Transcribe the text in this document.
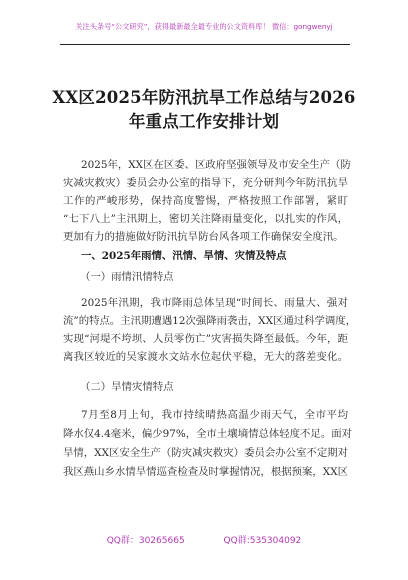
关注头条号“公文研究”，获得最新最全最专业的公文资料库！ 微信：gongwenyj
XX区2025年防汛抗旱工作总结与2026
年重点工作安排计划
2025年，XX区在区委、区政府坚强领导及市安全生产（防
灾减灾救灾）委员会办公室的指导下，充分研判今年防汛抗旱
工作的严峻形势，保持高度警惕，严格按照工作部署，紧盯
“七下八上”主汛期上，密切关注降雨量变化，以扎实的作风，
更加有力的措施做好防汛抗旱防台风各项工作确保安全度汛。
一、2025年雨情、汛情、旱情、灾情及特点
（一）雨情汛情特点
2025年汛期，我市降雨总体呈现“时间长、雨量大、强对
流”的特点。主汛期遭遇12次强降雨袭击，XX区通过科学调度，
实现“河堤不垮坝、人员零伤亡”灾害损失降至最低。今年，距
离我区较近的吴家渡水文站水位起伏平稳，无大的落差变化。
（二）旱情灾情特点
7月至8月上旬，我市持续晴热高温少雨天气，全市平均
降水仅4.4毫米，偏少97%，全市土壤墒情总体轻度不足。面对
旱情，XX区安全生产（防灾减灾救灾）委员会办公室不定期对
我区燕山乡水情旱情巡查检查及时掌握情况，根据预案，XX区
QQ群：30265665	QQ群:535304092
